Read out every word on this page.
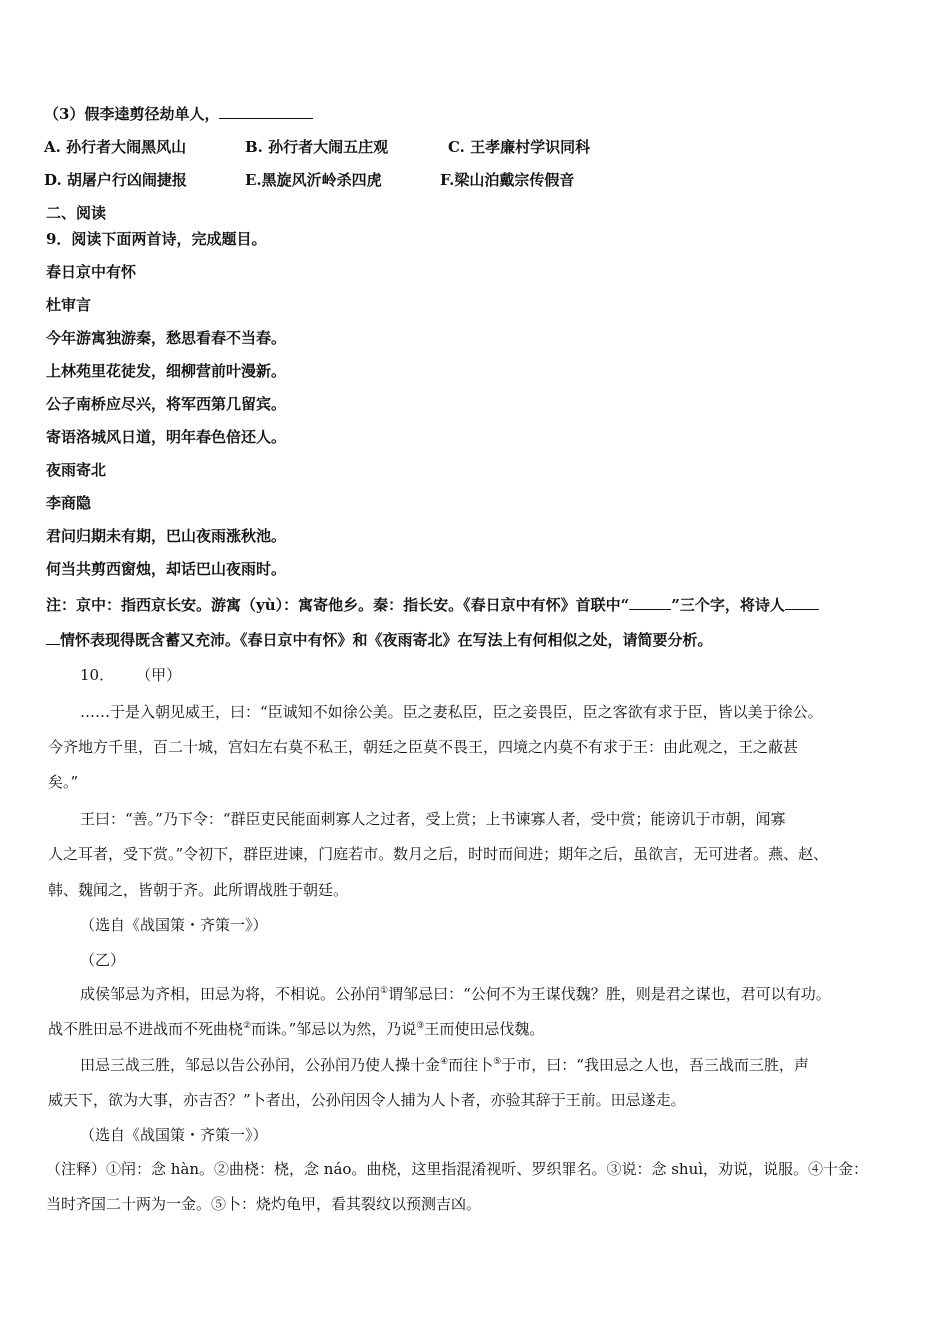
（3）假李逵剪径劫单人，
A. 孙行者大闹黑风山	B. 孙行者大闹五庄观	C. 王孝廉村学识同科
D. 胡屠户行凶闹捷报	E.黑旋风沂岭杀四虎	F.梁山泊戴宗传假音
二、阅读
9．阅读下面两首诗，完成题目。
春日京中有怀
杜审言
今年游寓独游秦，愁思看春不当春。
上林苑里花徒发，细柳营前叶漫新。
公子南桥应尽兴，将军西第几留宾。
寄语洛城风日道，明年春色倍还人。
夜雨寄北
李商隐
君问归期未有期，巴山夜雨涨秋池。
何当共剪西窗烛，却话巴山夜雨时。
注：京中：指西京长安。游寓（yù）：寓寄他乡。秦：指长安。《春日京中有怀》首联中“	”三个字，将诗人
情怀表现得既含蓄又充沛。《春日京中有怀》和《夜雨寄北》在写法上有何相似之处，请简要分析。
10． （甲）
……于是入朝见威王，曰：“臣诚知不如徐公美。臣之妻私臣，臣之妾畏臣，臣之客欲有求于臣，皆以美于徐公。
今齐地方千里，百二十城，宫妇左右莫不私王，朝廷之臣莫不畏王，四境之内莫不有求于王：由此观之，王之蔽甚
矣。”
王曰：“善。”乃下令：“群臣吏民能面刺寡人之过者，受上赏；上书谏寡人者，受中赏；能谤讥于市朝，闻寡
人之耳者，受下赏。”令初下，群臣进谏，门庭若市。数月之后，时时而间进；期年之后，虽欲言，无可进者。燕、赵、
韩、魏闻之，皆朝于齐。此所谓战胜于朝廷。
（选自《战国策・齐策一》）
（乙）
成侯邹忌为齐相，田忌为将，不相说。公孙闬①谓邹忌曰：“公何不为王谋伐魏？胜，则是君之谋也，君可以有功。
战不胜田忌不进战而不死曲桡②而诛。”邹忌以为然，乃说③王而使田忌伐魏。
田忌三战三胜，邹忌以告公孙闬，公孙闬乃使人操十金④而往卜⑤于市，曰：“我田忌之人也，吾三战而三胜，声
威天下，欲为大事，亦吉否？”卜者出，公孙闬因令人捕为人卜者，亦验其辞于王前。田忌遂走。
（选自《战国策・齐策一》）
（注释）①闬：念 hàn。②曲桡：桡，念 náo。曲桡，这里指混淆视听、罗织罪名。③说：念 shuì，劝说，说服。④十金：
当时齐国二十两为一金。⑤卜：烧灼龟甲，看其裂纹以预测吉凶。
